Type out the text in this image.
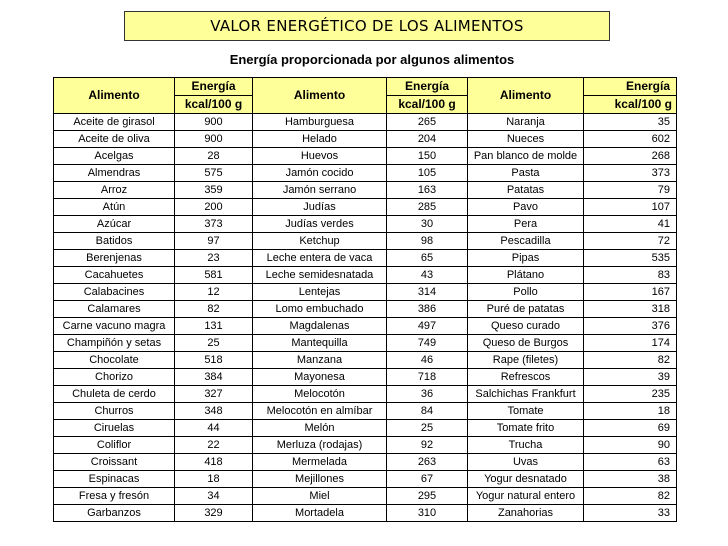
VALOR ENERGÉTICO DE LOS ALIMENTOS
Energía proporcionada por algunos alimentos
Alimento	Energía	Alimento	Energía	Alimento	Energía
	kcal/100 g		kcal/100 g		kcal/100 g
Aceite de girasol	900	Hamburguesa	265	Naranja	35
Aceite de oliva	900	Helado	204	Nueces	602
Acelgas	28	Huevos	150	Pan blanco de molde	268
Almendras	575	Jamón cocido	105	Pasta	373
Arroz	359	Jamón serrano	163	Patatas	79
Atún	200	Judías	285	Pavo	107
Azúcar	373	Judías verdes	30	Pera	41
Batidos	97	Ketchup	98	Pescadilla	72
Berenjenas	23	Leche entera de vaca	65	Pipas	535
Cacahuetes	581	Leche semidesnatada	43	Plátano	83
Calabacines	12	Lentejas	314	Pollo	167
Calamares	82	Lomo embuchado	386	Puré de patatas	318
Carne vacuno magra	131	Magdalenas	497	Queso curado	376
Champiñón y setas	25	Mantequilla	749	Queso de Burgos	174
Chocolate	518	Manzana	46	Rape (filetes)	82
Chorizo	384	Mayonesa	718	Refrescos	39
Chuleta de cerdo	327	Melocotón	36	Salchichas Frankfurt	235
Churros	348	Melocotón en almíbar	84	Tomate	18
Ciruelas	44	Melón	25	Tomate frito	69
Coliflor	22	Merluza (rodajas)	92	Trucha	90
Croissant	418	Mermelada	263	Uvas	63
Espinacas	18	Mejillones	67	Yogur desnatado	38
Fresa y fresón	34	Miel	295	Yogur natural entero	82
Garbanzos	329	Mortadela	310	Zanahorias	33
